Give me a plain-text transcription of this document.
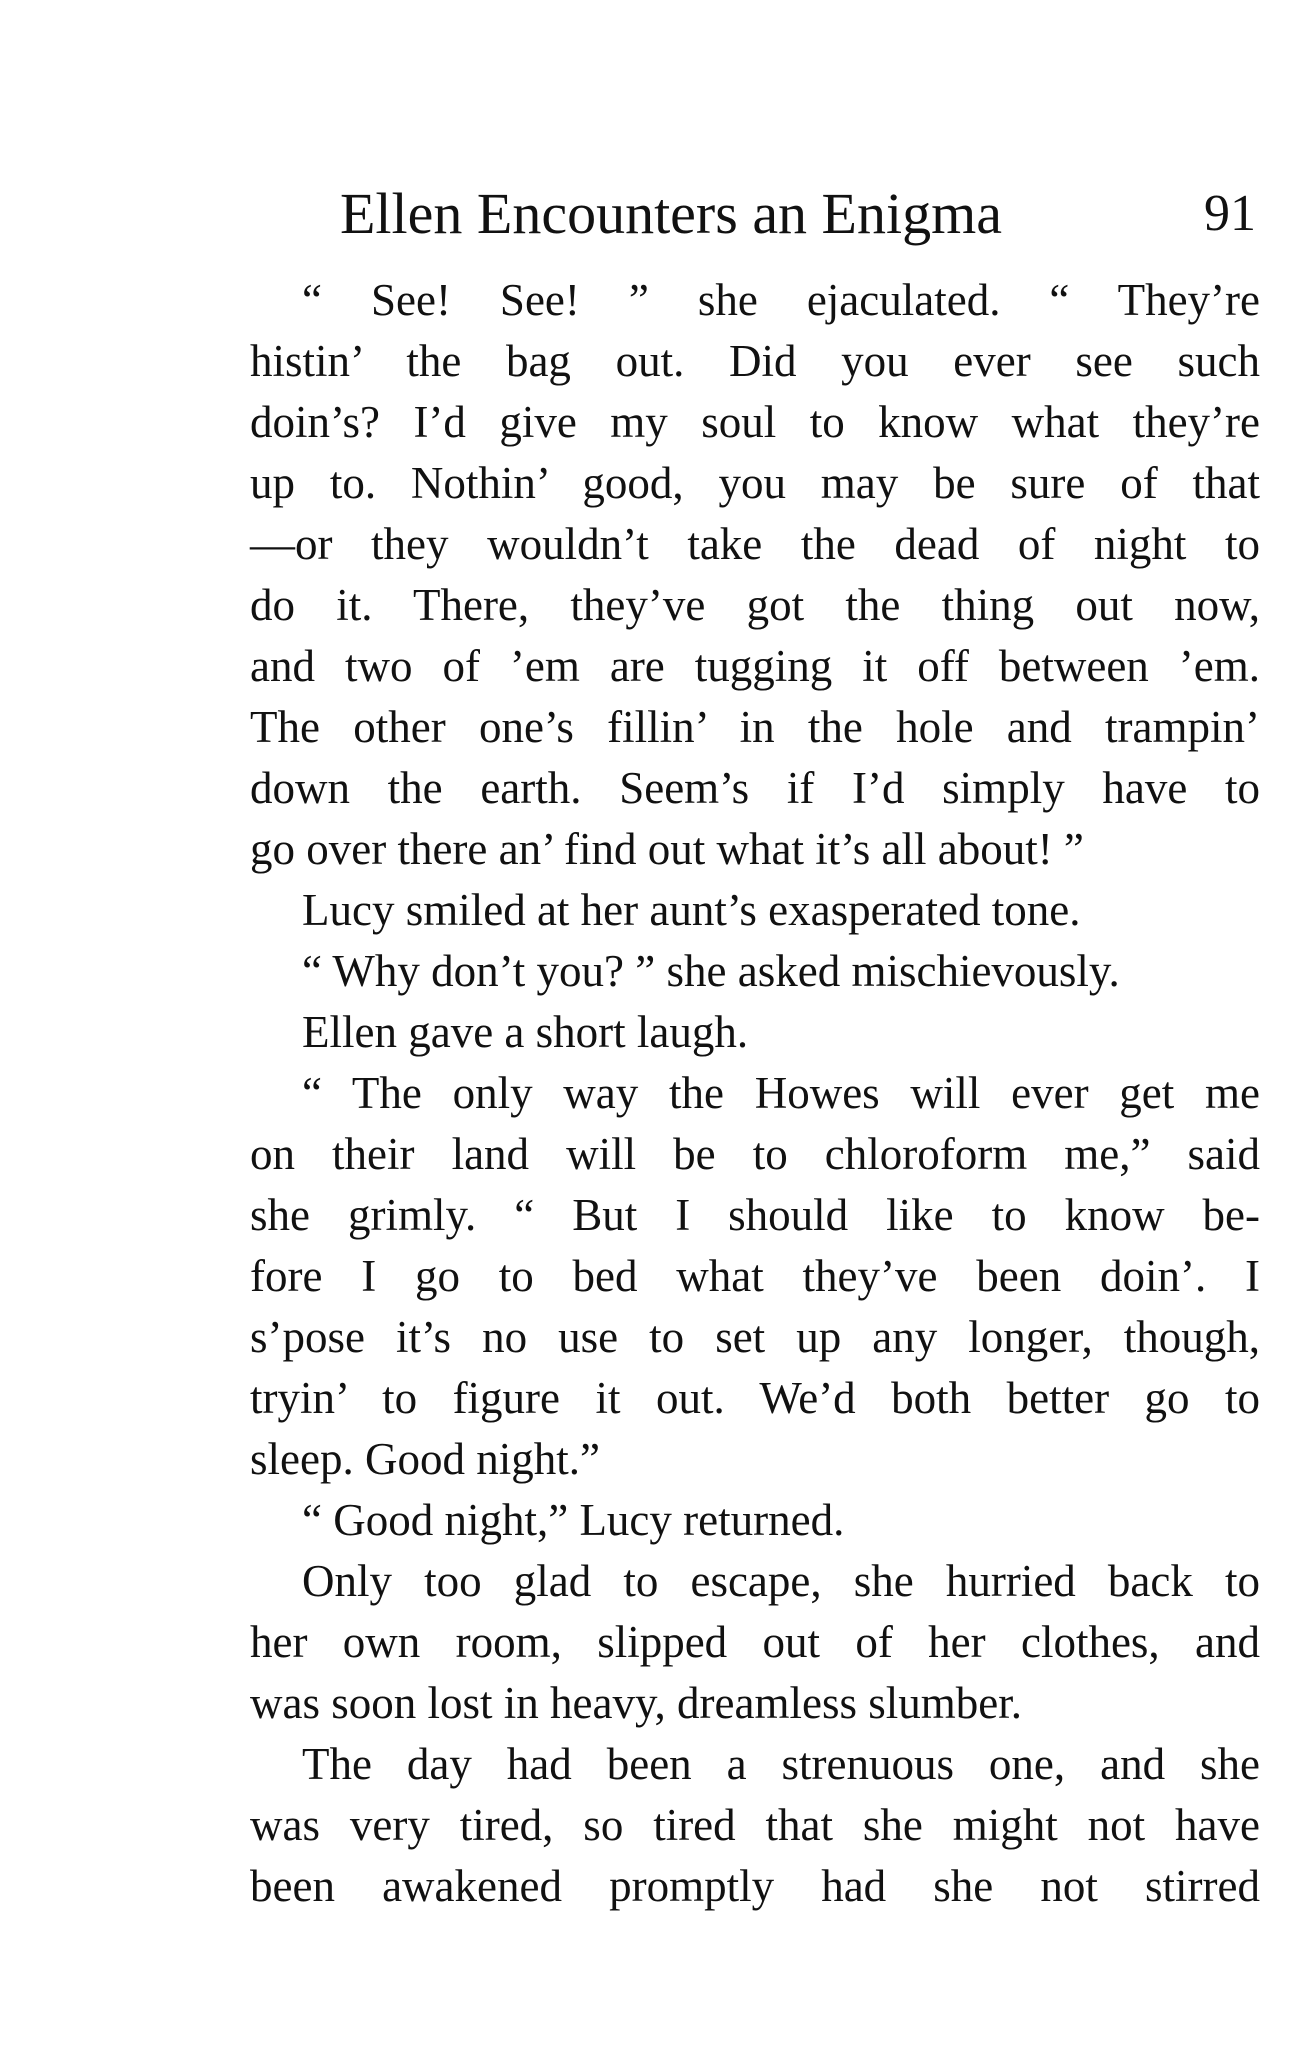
Ellen Encounters an Enigma	91
“ See! See! ” she ejaculated. “ They’re
histin’ the bag out. Did you ever see such
doin’s? I’d give my soul to know what they’re
up to. Nothin’ good, you may be sure of that
—or they wouldn’t take the dead of night to
do it. There, they’ve got the thing out now,
and two of ’em are tugging it off between ’em.
The other one’s fillin’ in the hole and trampin’
down the earth. Seem’s if I’d simply have to
go over there an’ find out what it’s all about! ”
Lucy smiled at her aunt’s exasperated tone.
“ Why don’t you? ” she asked mischievously.
Ellen gave a short laugh.
“ The only way the Howes will ever get me
on their land will be to chloroform me,” said
she grimly. “ But I should like to know be-
fore I go to bed what they’ve been doin’. I
s’pose it’s no use to set up any longer, though,
tryin’ to figure it out. We’d both better go to
sleep. Good night.”
“ Good night,” Lucy returned.
Only too glad to escape, she hurried back to
her own room, slipped out of her clothes, and
was soon lost in heavy, dreamless slumber.
The day had been a strenuous one, and she
was very tired, so tired that she might not have
been awakened promptly had she not stirred
